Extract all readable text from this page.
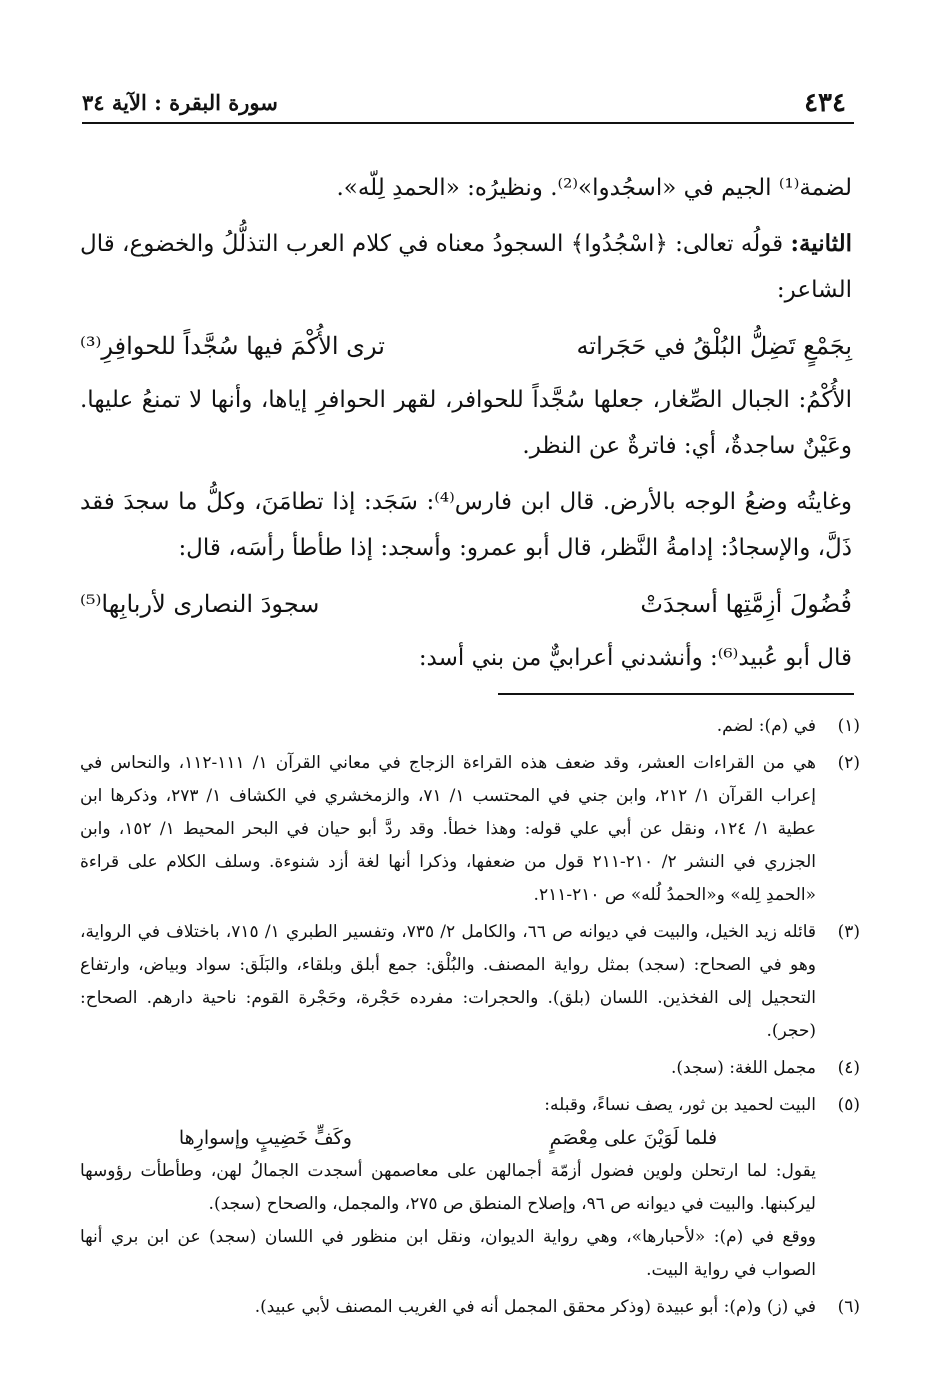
٤٣٤
سورة البقرة : الآية ٣٤

لضمة⁽¹⁾ الجيم في «اسجُدوا»⁽²⁾. ونظيرُه: «الحمدِ لِلّه».

الثانية: قولُه تعالى: ﴿اسْجُدُوا﴾ السجودُ معناه في كلام العرب التذلُّلُ والخضوع، قال الشاعر:

بِجَمْعٍ تَضِلُّ البُلْقُ في حَجَراته
ترى الأُكْمَ فيها سُجَّداً للحوافِرِ⁽³⁾

الأُكْمُ: الجبال الصِّغار، جعلها سُجَّداً للحوافر، لقهر الحوافرِ إياها، وأنها لا تمنعُ عليها. وعَيْنٌ ساجدةٌ، أي: فاترةٌ عن النظر.

وغايتُه وضعُ الوجه بالأرض. قال ابن فارس⁽⁴⁾: سَجَد: إذا تطامَنَ، وكلُّ ما سجدَ فقد ذَلَّ، والإسجادُ: إدامةُ النَّظر، قال أبو عمرو: وأسجد: إذا طأطأ رأسَه، قال:

فُضُولَ أزِمَّتِها أسجدَتْ
سجودَ النصارى لأربابِها⁽⁵⁾

قال أبو عُبيد⁽⁶⁾: وأنشدني أعرابيٌّ من بني أسد:

(١)
في (م): لضم.
(٢)
هي من القراءات العشر، وقد ضعف هذه القراءة الزجاج في معاني القرآن ١/ ١١١-١١٢، والنحاس في إعراب القرآن ١/ ٢١٢، وابن جني في المحتسب ١/ ٧١، والزمخشري في الكشاف ١/ ٢٧٣، وذكرها ابن عطية ١/ ١٢٤، ونقل عن أبي علي قوله: وهذا خطأ. وقد ردَّ أبو حيان في البحر المحيط ١/ ١٥٢، وابن الجزري في النشر ٢/ ٢١٠-٢١١ قول من ضعفها، وذكرا أنها لغة أزد شنوءة. وسلف الكلام على قراءة «الحمدِ لِله» و«الحمدُ لُله» ص ٢١٠-٢١١.
(٣)
قائله زيد الخيل، والبيت في ديوانه ص ٦٦، والكامل ٢/ ٧٣٥، وتفسير الطبري ١/ ٧١٥، باختلاف في الرواية، وهو في الصحاح: (سجد) بمثل رواية المصنف. والبُلْق: جمع أبلق وبلقاء، والبَلَق: سواد وبياض، وارتفاع التحجيل إلى الفخذين. اللسان (بلق). والحجرات: مفرده حَجْرة، وحَجْرة القوم: ناحية دارهم. الصحاح: (حجر).
(٤)
مجمل اللغة: (سجد).
(٥)
البيت لحميد بن ثور، يصف نساءً، وقبله:
فلما لَوَيْنَ على مِعْصَمٍ
وكَفٍّ خَضِيبٍ وإسوارِها
يقول: لما ارتحلن ولوين فضول أزمّة أجمالهن على معاصمهن أسجدت الجمالُ لهن، وطأطأت رؤوسها ليركبنها. والبيت في ديوانه ص ٩٦، وإصلاح المنطق ص ٢٧٥، والمجمل، والصحاح (سجد).
ووقع في (م): «لأحبارها»، وهي رواية الديوان، ونقل ابن منظور في اللسان (سجد) عن ابن بري أنها الصواب في رواية البيت.
(٦)
في (ز) و(م): أبو عبيدة (وذكر محقق المجمل أنه في الغريب المصنف لأبي عبيد).
